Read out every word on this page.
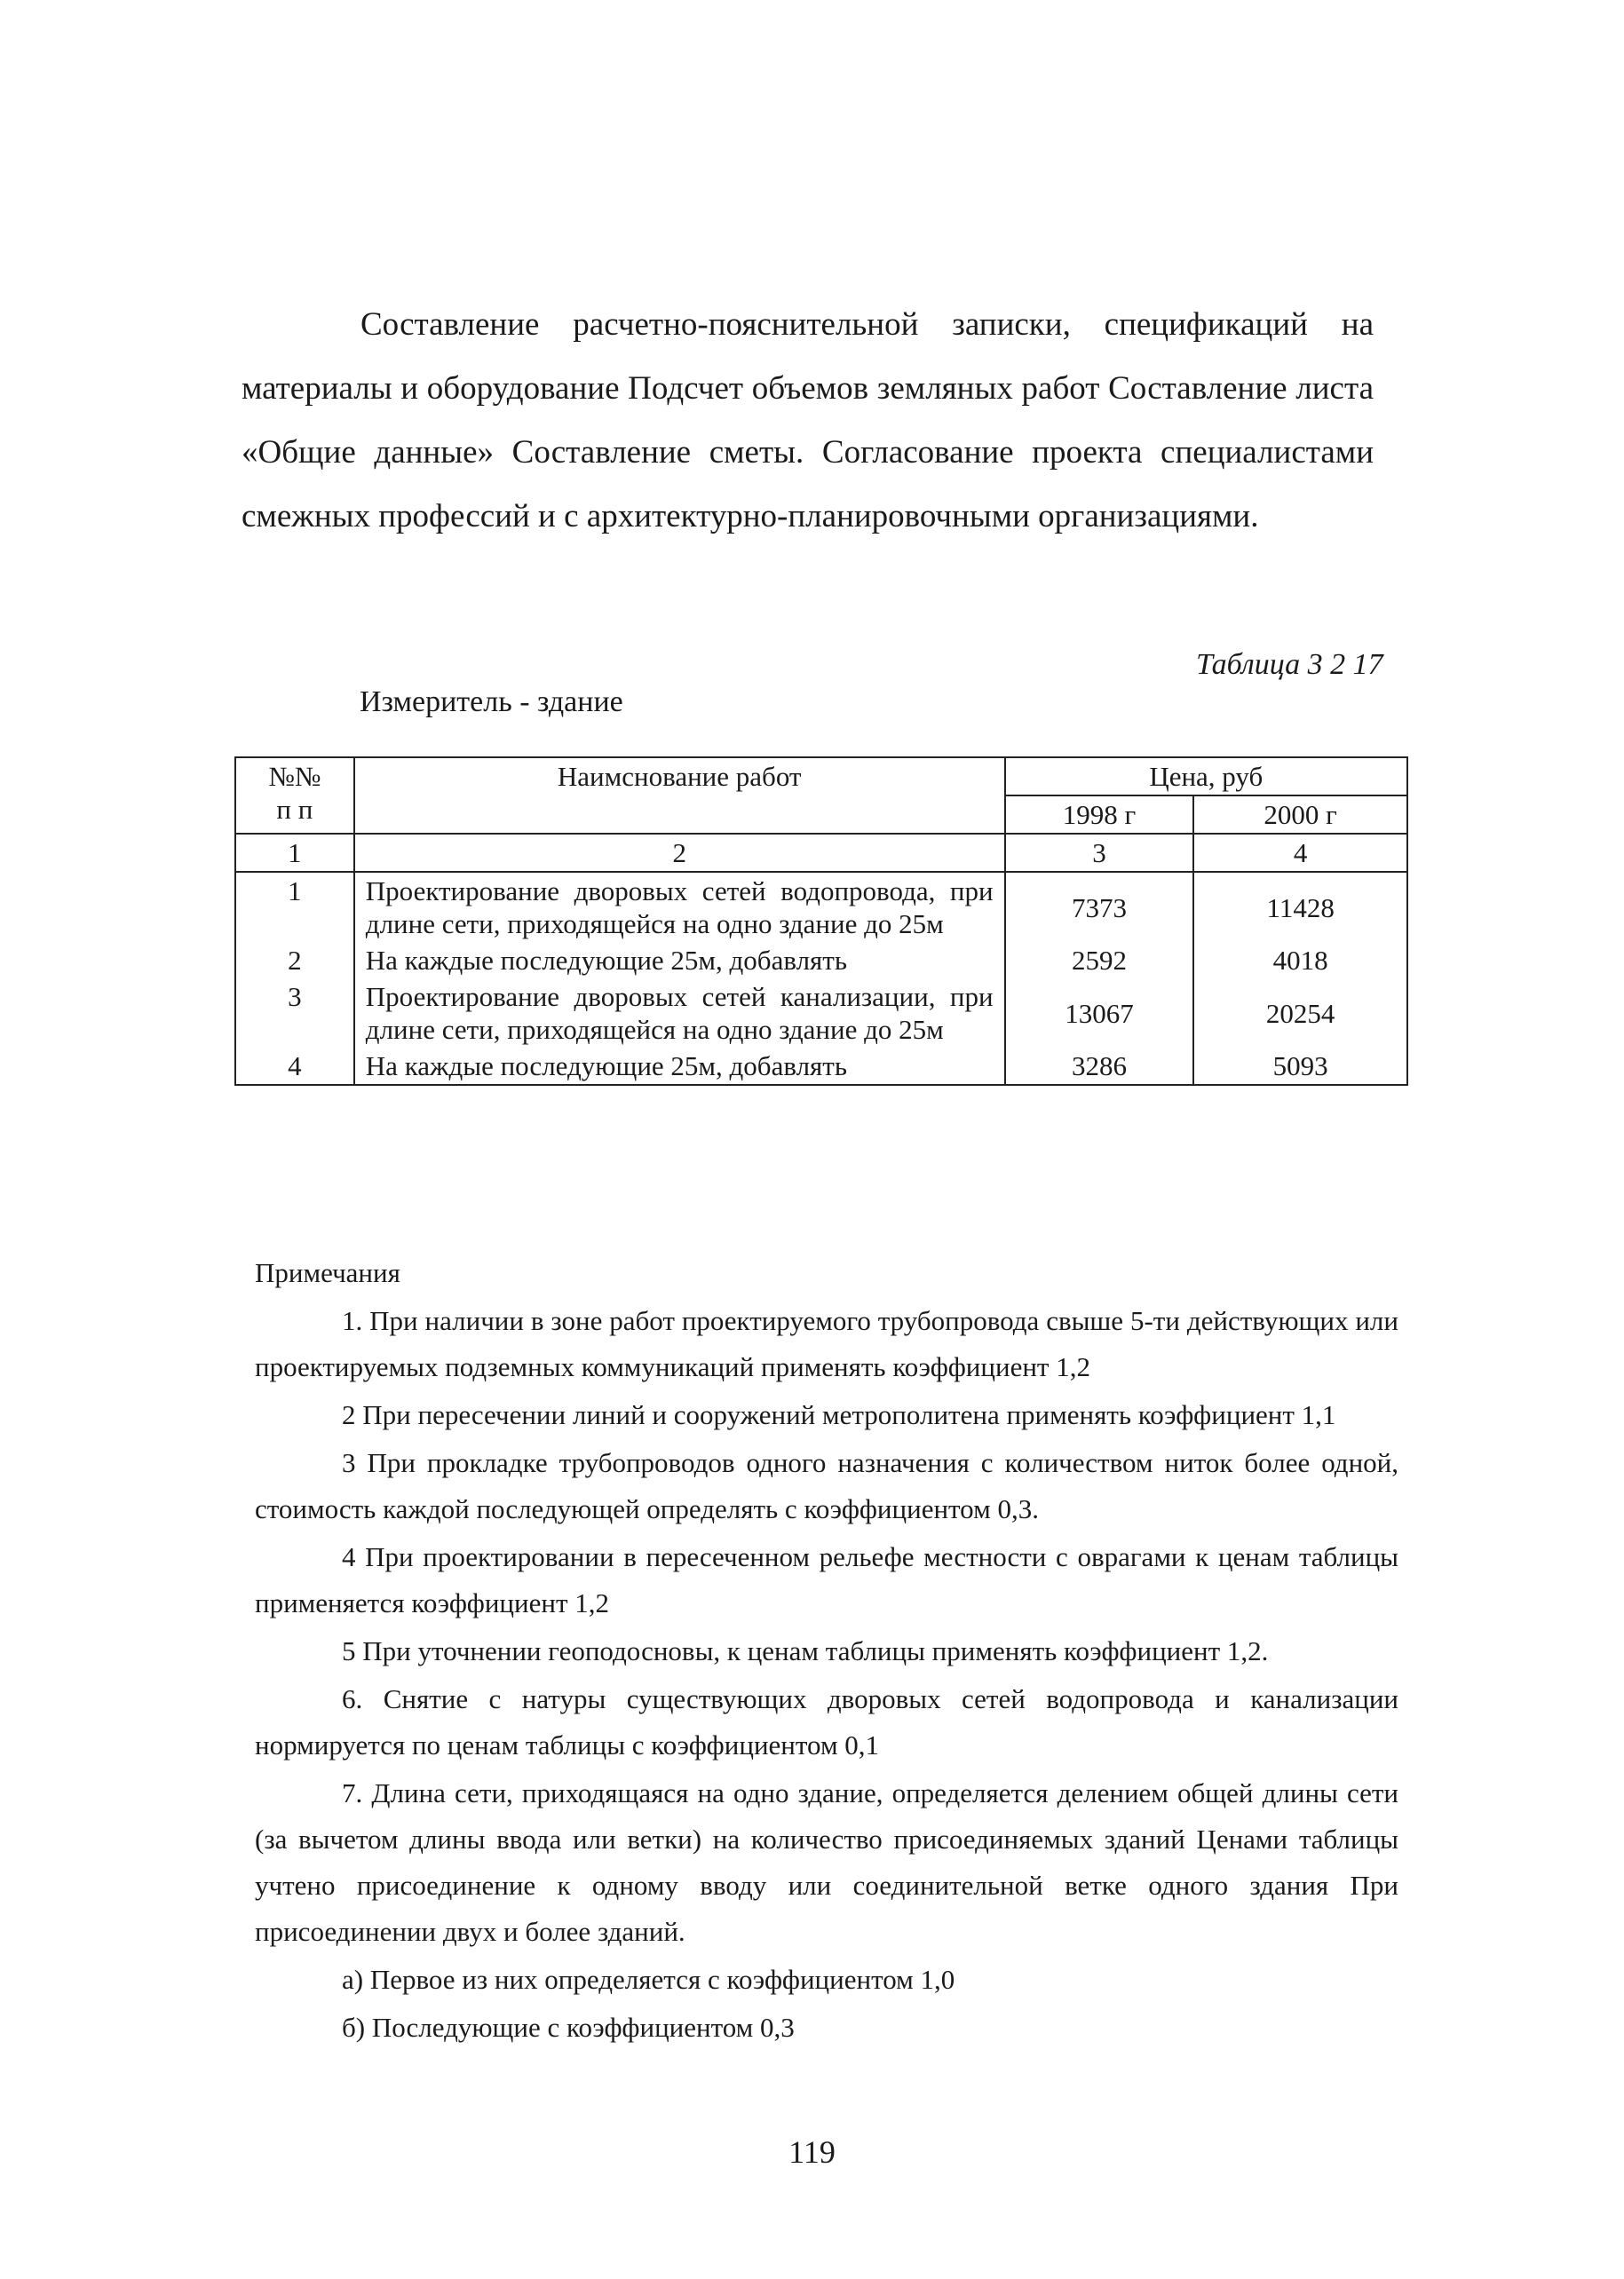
Составление расчетно-пояснительной записки, спецификаций на материалы и оборудование Подсчет объемов земляных работ Составление листа «Общие данные» Составление сметы. Согласование проекта специалистами смежных профессий и с архитектурно-планировочными организациями.

Таблица 3 2 17
Измеритель - здание
№№
п п	Наимснование работ	Цена, руб	
		1998 г	2000 г
1	2	3	4
1	Проектирование дворовых сетей водопровода, при длине сети, приходящейся на одно здание до 25м	7373	11428
2	На каждые последующие 25м, добавлять	2592	4018
3	Проектирование дворовых сетей канализации, при длине сети, приходящейся на одно здание до 25м	13067	20254
4	На каждые последующие 25м, добавлять	3286	5093

Примечания

1. При наличии в зоне работ проектируемого трубопровода свыше 5-ти действующих или проектируемых подземных коммуникаций применять коэффициент 1,2

2 При пересечении линий и сооружений метрополитена применять коэффициент 1,1

3 При прокладке трубопроводов одного назначения с количеством ниток более одной, стоимость каждой последующей определять с коэффициентом 0,3.

4 При проектировании в пересеченном рельефе местности с оврагами к ценам таблицы применяется коэффициент 1,2

5 При уточнении геоподосновы, к ценам таблицы применять коэффициент 1,2.

6. Снятие с натуры существующих дворовых сетей водопровода и канализации нормируется по ценам таблицы с коэффициентом 0,1

7. Длина сети, приходящаяся на одно здание, определяется делением общей длины сети (за вычетом длины ввода или ветки) на количество присоединяемых зданий Ценами таблицы учтено присоединение к одному вводу или соединительной ветке одного здания При присоединении двух и более зданий.

а) Первое из них определяется с коэффициентом 1,0

б) Последующие с коэффициентом 0,3

119
